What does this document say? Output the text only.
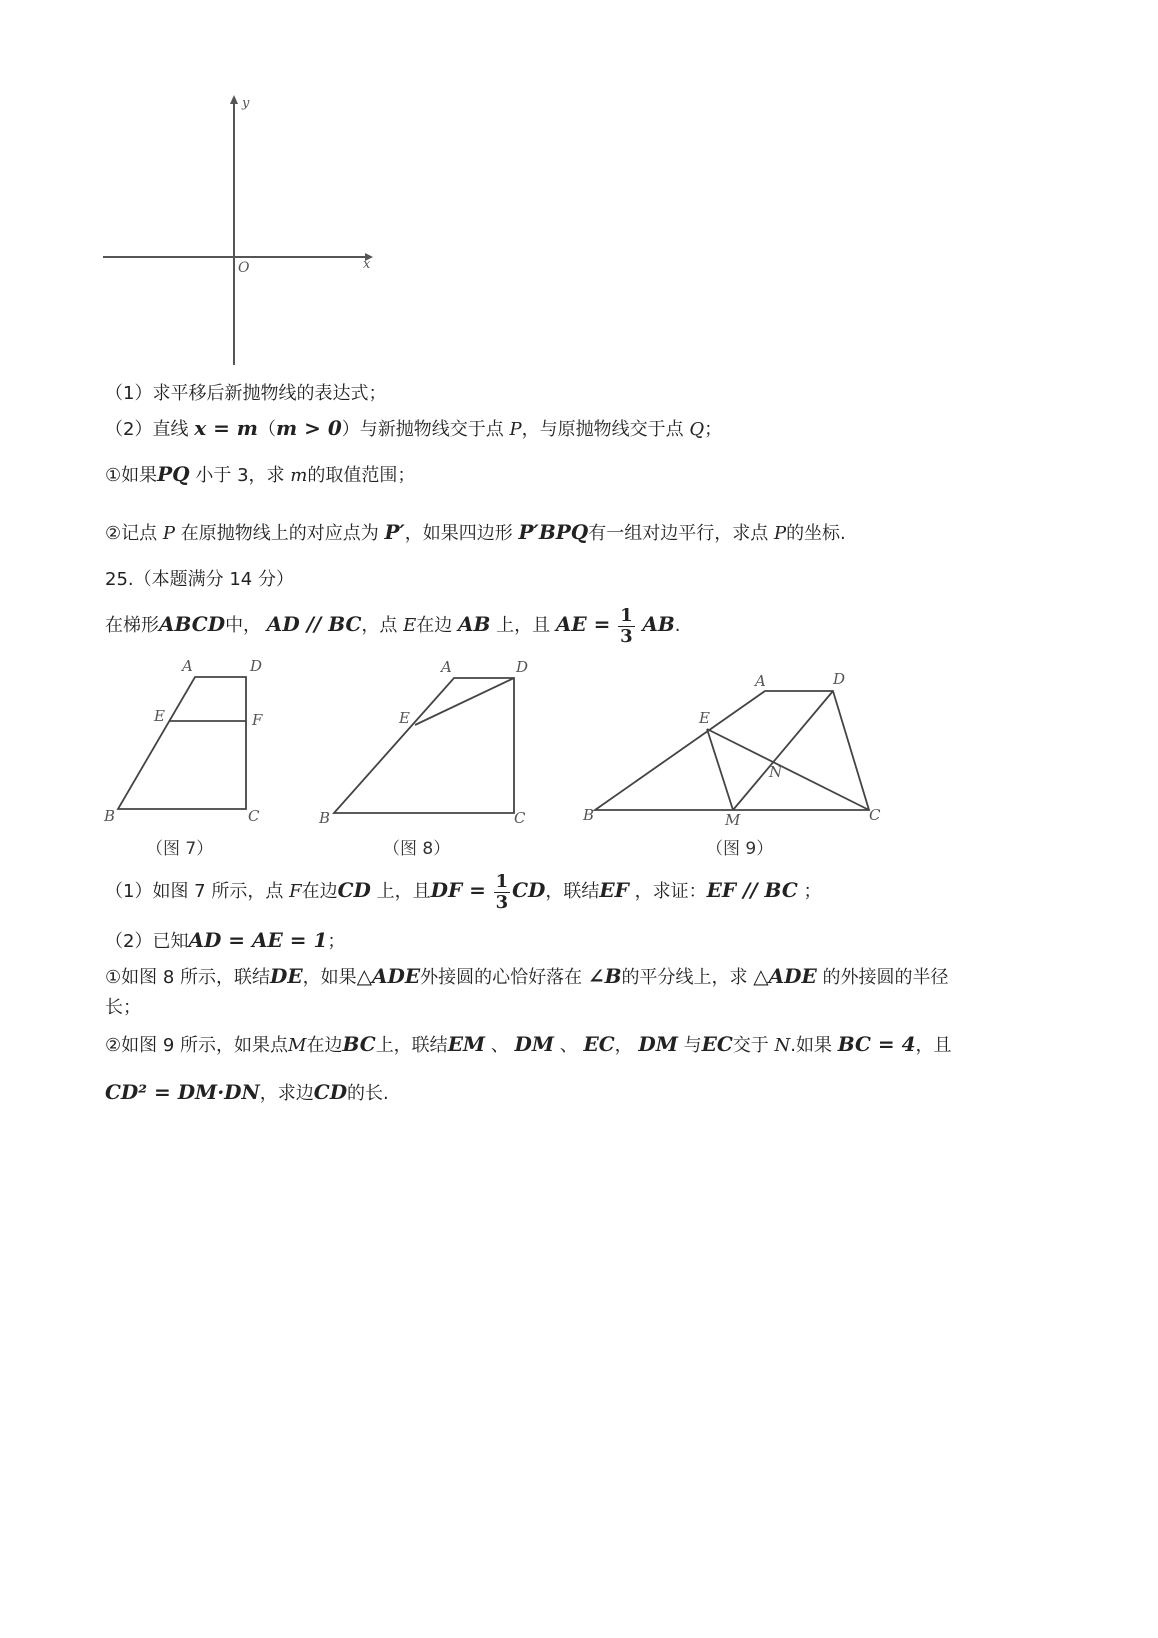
y
x
O
（1）求平移后新抛物线的表达式；
（2）直线 x = m（m > 0）与新抛物线交于点 P，与原抛物线交于点 Q；
①如果PQ 小于 3，求 m的取值范围；
②记点 P 在原抛物线上的对应点为 P′，如果四边形 P′BPQ有一组对边平行，求点 P的坐标.
25.（本题满分 14 分）
在梯形ABCD中， AD // BC，点 E在边 AB 上，且 AE = $\frac{1}{3}$ AB.
A	D
E	F
B	C
A	D
E
B	C
A	D
E
N
B	M	C
（图 7）	（图 8）	（图 9）
（1）如图 7 所示，点 F在边CD 上，且DF = $\frac{1}{3}$ CD，联结EF ，求证：EF // BC ；
（2）已知AD = AE = 1；
①如图 8 所示，联结DE，如果△ADE外接圆的心恰好落在 ∠B的平分线上，求 △ADE 的外接圆的半径
长；
②如图 9 所示，如果点M在边BC上，联结EM 、 DM 、 EC， DM 与EC交于 N.如果 BC = 4，且
CD² = DM·DN，求边CD的长.
